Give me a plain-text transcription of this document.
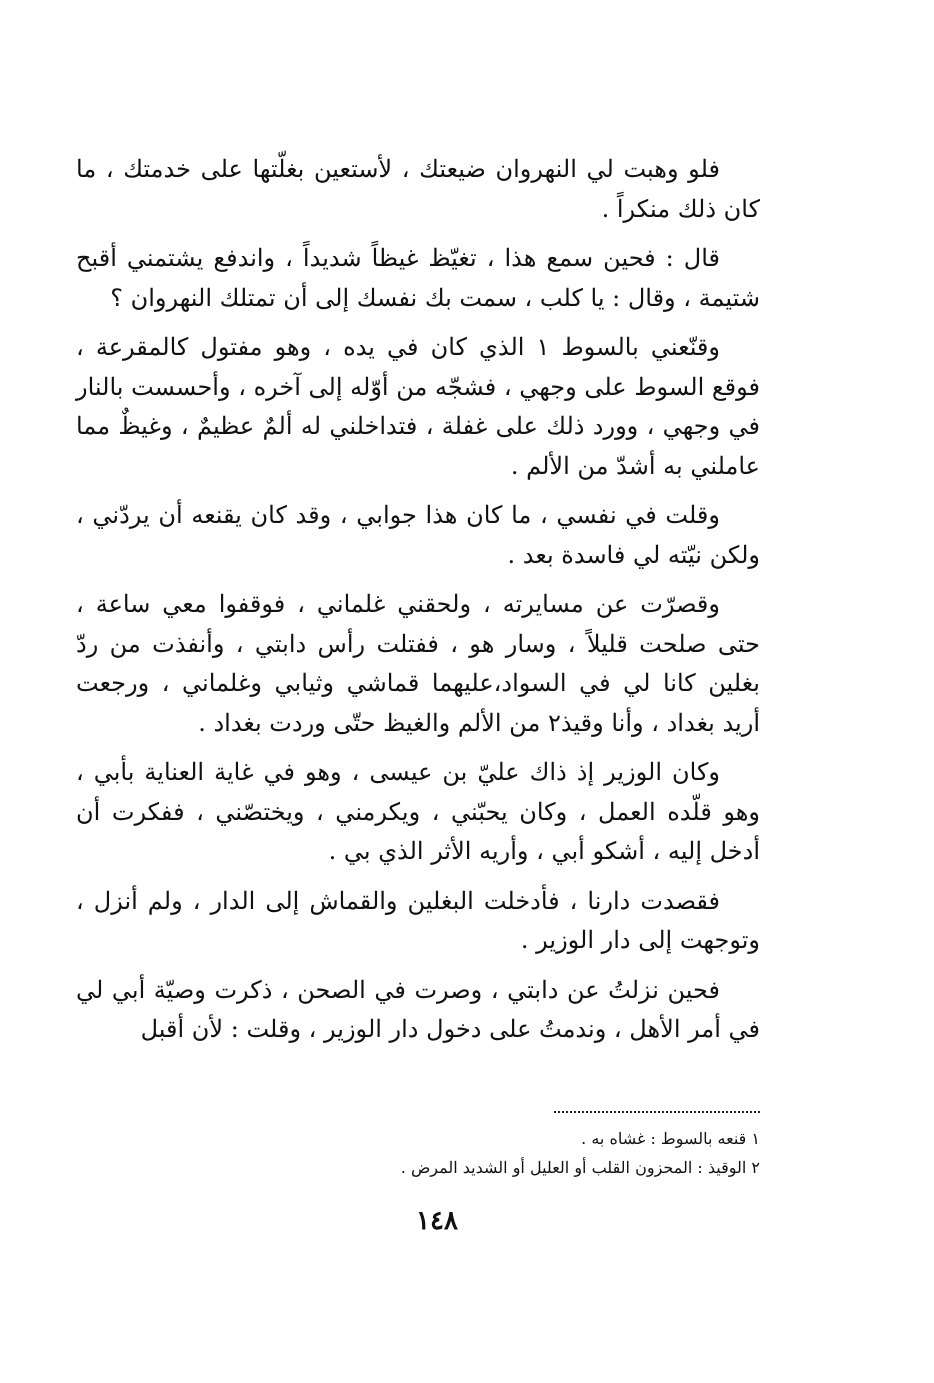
فلو وهبت لي النهروان ضيعتك ، لأستعين بغلّتها على خدمتك ، ما كان ذلك منكراً .

قال : فحين سمع هذا ، تغيّظ غيظاً شديداً ، واندفع يشتمني أقبح شتيمة ، وقال : يا كلب ، سمت بك نفسك إلى أن تمتلك النهروان ؟

وقنّعني بالسوط ١ الذي كان في يده ، وهو مفتول كالمقرعة ، فوقع السوط على وجهي ، فشجّه من أوّله إلى آخره ، وأحسست بالنار في وجهي ، وورد ذلك على غفلة ، فتداخلني له ألمٌ عظيمٌ ، وغيظٌ مما عاملني به أشدّ من الألم .

وقلت في نفسي ، ما كان هذا جوابي ، وقد كان يقنعه أن يردّني ، ولكن نيّته لي فاسدة بعد .

وقصرّت عن مسايرته ، ولحقني غلماني ، فوقفوا معي ساعة ، حتى صلحت قليلاً ، وسار هو ، ففتلت رأس دابتي ، وأنفذت من ردّ بغلين كانا لي في السواد،عليهما قماشي وثيابي وغلماني ، ورجعت أريد بغداد ، وأنا وقيذ٢ من الألم والغيظ حتّى وردت بغداد .

وكان الوزير إذ ذاك عليّ بن عيسى ، وهو في غاية العناية بأبي ، وهو قلّده العمل ، وكان يحبّني ، ويكرمني ، ويختصّني ، ففكرت أن أدخل إليه ، أشكو أبي ، وأريه الأثر الذي بي .

فقصدت دارنا ، فأدخلت البغلين والقماش إلى الدار ، ولم أنزل ، وتوجهت إلى دار الوزير .

فحين نزلتُ عن دابتي ، وصرت في الصحن ، ذكرت وصيّة أبي لي في أمر الأهل ، وندمتُ على دخول دار الوزير ، وقلت : لأن أقبل

١ قنعه بالسوط : غشاه به .

٢ الوقيذ : المحزون القلب أو العليل أو الشديد المرض .

١٤٨
